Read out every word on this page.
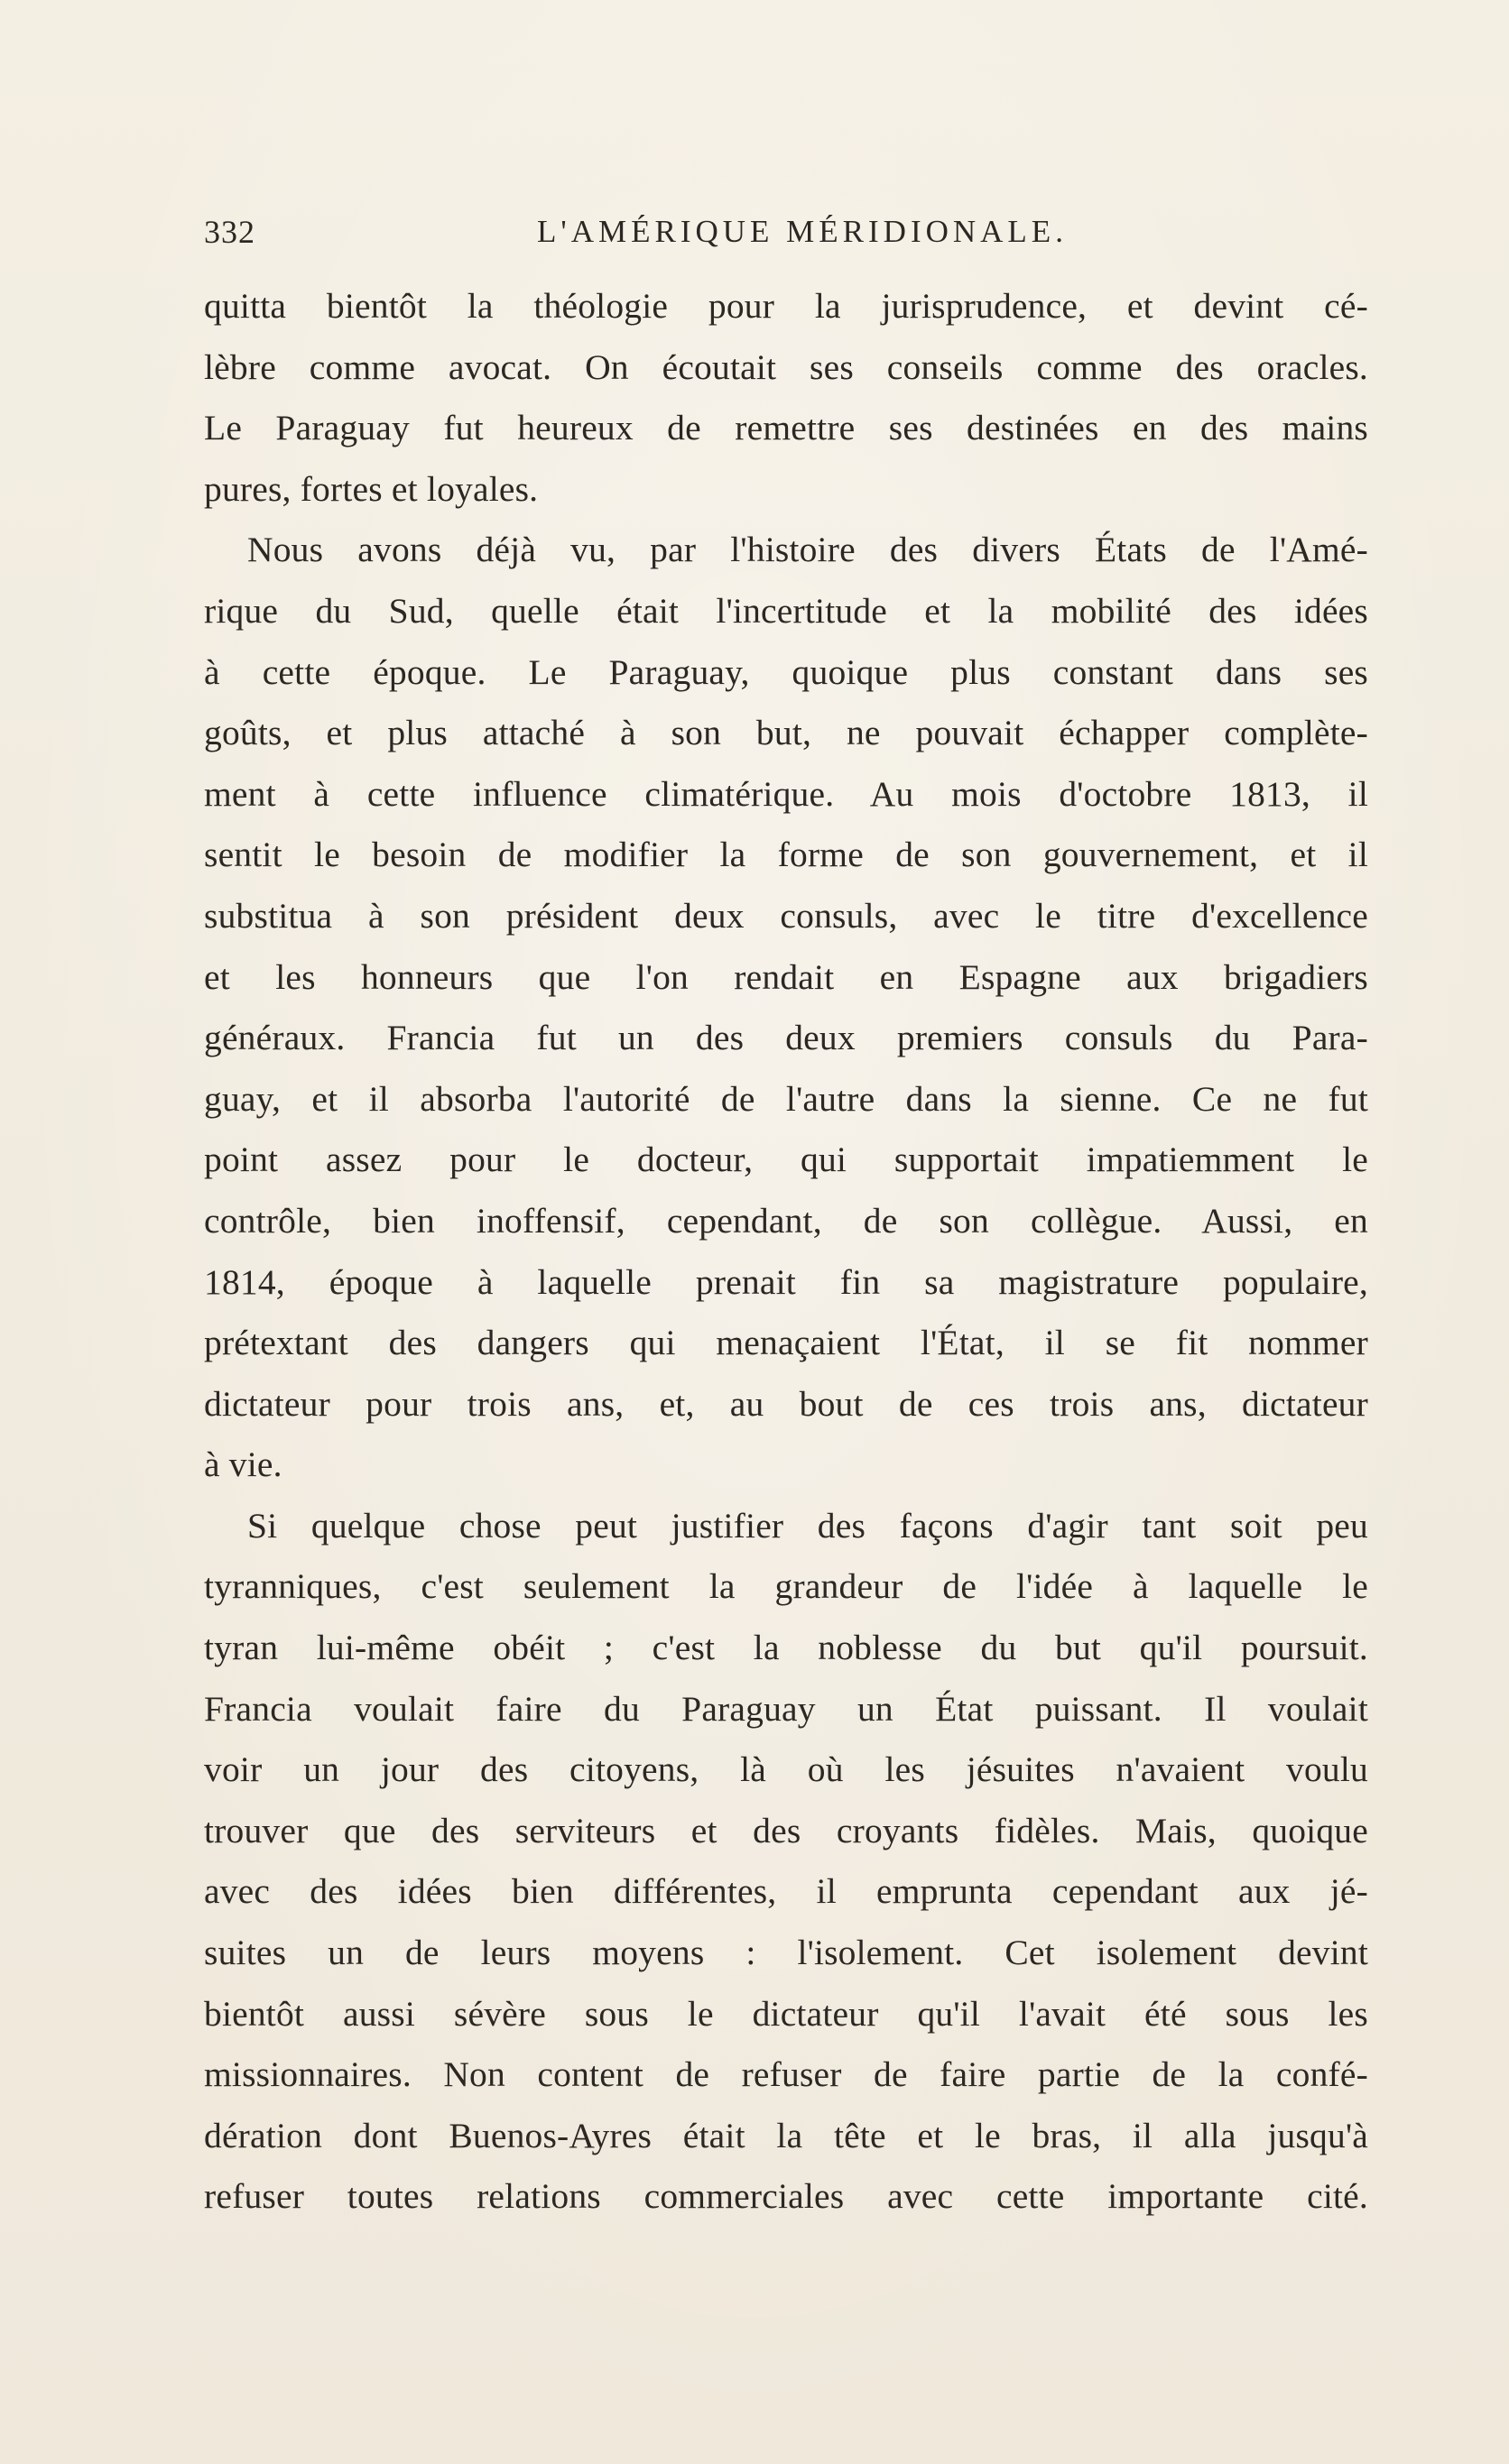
332	L'AMÉRIQUE MÉRIDIONALE.
quitta bientôt la théologie pour la jurisprudence, et devint cé-
lèbre comme avocat. On écoutait ses conseils comme des oracles.
Le Paraguay fut heureux de remettre ses destinées en des mains
pures, fortes et loyales.
Nous avons déjà vu, par l'histoire des divers États de l'Amé-
rique du Sud, quelle était l'incertitude et la mobilité des idées
à cette époque. Le Paraguay, quoique plus constant dans ses
goûts, et plus attaché à son but, ne pouvait échapper complète-
ment à cette influence climatérique. Au mois d'octobre 1813, il
sentit le besoin de modifier la forme de son gouvernement, et il
substitua à son président deux consuls, avec le titre d'excellence
et les honneurs que l'on rendait en Espagne aux brigadiers
généraux. Francia fut un des deux premiers consuls du Para-
guay, et il absorba l'autorité de l'autre dans la sienne. Ce ne fut
point assez pour le docteur, qui supportait impatiemment le
contrôle, bien inoffensif, cependant, de son collègue. Aussi, en
1814, époque à laquelle prenait fin sa magistrature populaire,
prétextant des dangers qui menaçaient l'État, il se fit nommer
dictateur pour trois ans, et, au bout de ces trois ans, dictateur
à vie.
Si quelque chose peut justifier des façons d'agir tant soit peu
tyranniques, c'est seulement la grandeur de l'idée à laquelle le
tyran lui-même obéit ; c'est la noblesse du but qu'il poursuit.
Francia voulait faire du Paraguay un État puissant. Il voulait
voir un jour des citoyens, là où les jésuites n'avaient voulu
trouver que des serviteurs et des croyants fidèles. Mais, quoique
avec des idées bien différentes, il emprunta cependant aux jé-
suites un de leurs moyens : l'isolement. Cet isolement devint
bientôt aussi sévère sous le dictateur qu'il l'avait été sous les
missionnaires. Non content de refuser de faire partie de la confé-
dération dont Buenos-Ayres était la tête et le bras, il alla jusqu'à
refuser toutes relations commerciales avec cette importante cité.
